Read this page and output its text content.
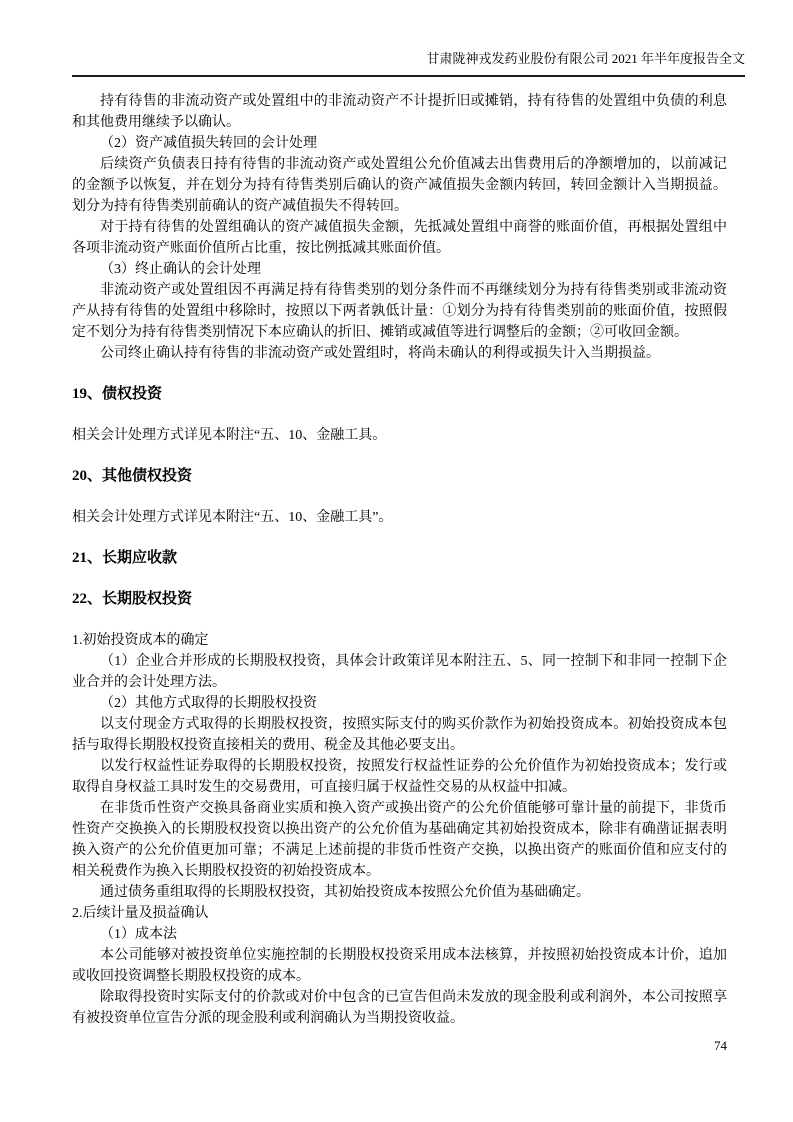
甘肃陇神戎发药业股份有限公司 2021 年半年度报告全文

持有待售的非流动资产或处置组中的非流动资产不计提折旧或摊销，持有待售的处置组中负债的利息和其他费用继续予以确认。

（2）资产减值损失转回的会计处理

后续资产负债表日持有待售的非流动资产或处置组公允价值减去出售费用后的净额增加的，以前减记的金额予以恢复，并在划分为持有待售类别后确认的资产减值损失金额内转回，转回金额计入当期损益。划分为持有待售类别前确认的资产减值损失不得转回。

对于持有待售的处置组确认的资产减值损失金额，先抵减处置组中商誉的账面价值，再根据处置组中各项非流动资产账面价值所占比重，按比例抵减其账面价值。

（3）终止确认的会计处理

非流动资产或处置组因不再满足持有待售类别的划分条件而不再继续划分为持有待售类别或非流动资产从持有待售的处置组中移除时，按照以下两者孰低计量：①划分为持有待售类别前的账面价值，按照假定不划分为持有待售类别情况下本应确认的折旧、摊销或减值等进行调整后的金额；②可收回金额。

公司终止确认持有待售的非流动资产或处置组时，将尚未确认的利得或损失计入当期损益。

19、债权投资

相关会计处理方式详见本附注“五、10、金融工具。

20、其他债权投资

相关会计处理方式详见本附注“五、10、金融工具”。

21、长期应收款
22、长期股权投资

1.初始投资成本的确定

（1）企业合并形成的长期股权投资，具体会计政策详见本附注五、5、同一控制下和非同一控制下企业合并的会计处理方法。

（2）其他方式取得的长期股权投资

以支付现金方式取得的长期股权投资，按照实际支付的购买价款作为初始投资成本。初始投资成本包括与取得长期股权投资直接相关的费用、税金及其他必要支出。

以发行权益性证券取得的长期股权投资，按照发行权益性证券的公允价值作为初始投资成本；发行或取得自身权益工具时发生的交易费用，可直接归属于权益性交易的从权益中扣减。

在非货币性资产交换具备商业实质和换入资产或换出资产的公允价值能够可靠计量的前提下，非货币性资产交换换入的长期股权投资以换出资产的公允价值为基础确定其初始投资成本，除非有确凿证据表明换入资产的公允价值更加可靠；不满足上述前提的非货币性资产交换，以换出资产的账面价值和应支付的相关税费作为换入长期股权投资的初始投资成本。

通过债务重组取得的长期股权投资，其初始投资成本按照公允价值为基础确定。

2.后续计量及损益确认

（1）成本法

本公司能够对被投资单位实施控制的长期股权投资采用成本法核算，并按照初始投资成本计价，追加或收回投资调整长期股权投资的成本。

除取得投资时实际支付的价款或对价中包含的已宣告但尚未发放的现金股利或利润外，本公司按照享有被投资单位宣告分派的现金股利或利润确认为当期投资收益。

74
